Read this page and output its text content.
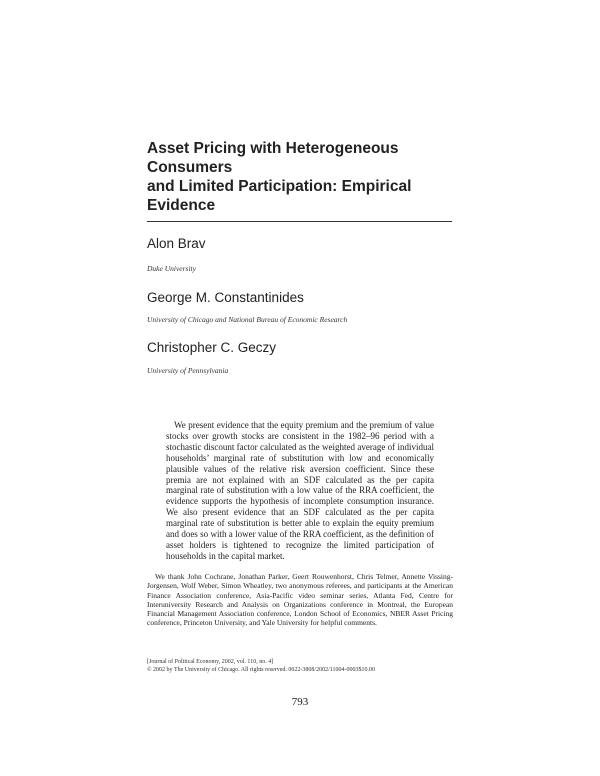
Asset Pricing with Heterogeneous Consumers
and Limited Participation: Empirical Evidence
Alon Brav
Duke University
George M. Constantinides
University of Chicago and National Bureau of Economic Research
Christopher C. Geczy
University of Pennsylvania
We present evidence that the equity premium and the premium of value stocks over growth stocks are consistent in the 1982–96 period with a stochastic discount factor calculated as the weighted average of individual households’ marginal rate of substitution with low and economically plausible values of the relative risk aversion coefficient. Since these premia are not explained with an SDF calculated as the per capita marginal rate of substitution with a low value of the RRA coefficient, the evidence supports the hypothesis of incomplete consumption insurance. We also present evidence that an SDF calculated as the per capita marginal rate of substitution is better able to explain the equity premium and does so with a lower value of the RRA coefficient, as the definition of asset holders is tightened to recognize the limited participation of households in the capital market.
We thank John Cochrane, Jonathan Parker, Geert Rouwenhorst, Chris Telmer, Annette Vissing-Jorgensen, Wolf Weber, Simon Wheatley, two anonymous referees, and participants at the American Finance Association conference, Asia-Pacific video seminar series, Atlanta Fed, Centre for Interuniversity Research and Analysis on Organizations conference in Montreal, the European Financial Management Association conference, London School of Economics, NBER Asset Pricing conference, Princeton University, and Yale University for helpful comments.
[Journal of Political Economy, 2002, vol. 110, no. 4]
© 2002 by The University of Chicago. All rights reserved. 0022-3808/2002/11004-0003$10.00
793
